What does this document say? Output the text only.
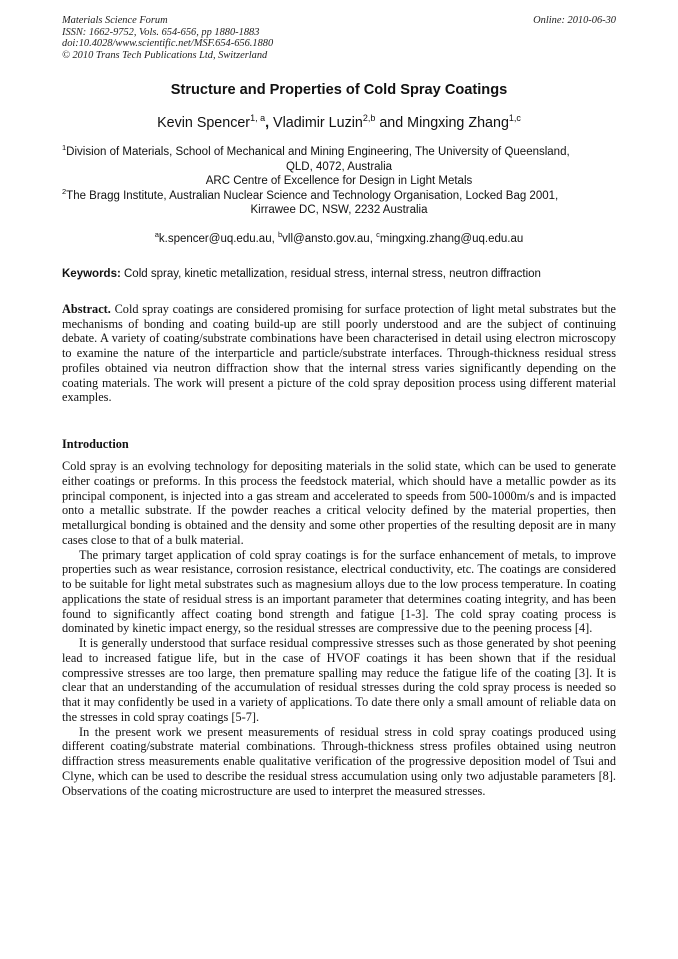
Materials Science Forum
ISSN: 1662-9752, Vols. 654-656, pp 1880-1883
doi:10.4028/www.scientific.net/MSF.654-656.1880
© 2010 Trans Tech Publications Ltd, Switzerland
Online: 2010-06-30
Structure and Properties of Cold Spray Coatings
Kevin Spencer$^{1, a}$, Vladimir Luzin$^{2,b}$ and Mingxing Zhang$^{1,c}$
$^1$Division of Materials, School of Mechanical and Mining Engineering, The University of Queensland,
QLD, 4072, Australia
ARC Centre of Excellence for Design in Light Metals
$^2$The Bragg Institute, Australian Nuclear Science and Technology Organisation, Locked Bag 2001,
Kirrawee DC, NSW, 2232 Australia
$^a$k.spencer@uq.edu.au, $^b$vll@ansto.gov.au, $^c$mingxing.zhang@uq.edu.au
Keywords: Cold spray, kinetic metallization, residual stress, internal stress, neutron diffraction
Abstract. Cold spray coatings are considered promising for surface protection of light metal substrates but the mechanisms of bonding and coating build-up are still poorly understood and are the subject of continuing debate. A variety of coating/substrate combinations have been characterised in detail using electron microscopy to examine the nature of the interparticle and particle/substrate interfaces. Through-thickness residual stress profiles obtained via neutron diffraction show that the internal stress varies significantly depending on the coating materials. The work will present a picture of the cold spray deposition process using different material examples.
Introduction

Cold spray is an evolving technology for depositing materials in the solid state, which can be used to generate either coatings or preforms. In this process the feedstock material, which should have a metallic powder as its principal component, is injected into a gas stream and accelerated to speeds from 500-1000m/s and is impacted onto a metallic substrate. If the powder reaches a critical velocity defined by the material properties, then metallurgical bonding is obtained and the density and some other properties of the resulting deposit are in many cases close to that of a bulk material.

The primary target application of cold spray coatings is for the surface enhancement of metals, to improve properties such as wear resistance, corrosion resistance, electrical conductivity, etc. The coatings are considered to be suitable for light metal substrates such as magnesium alloys due to the low process temperature. In coating applications the state of residual stress is an important parameter that determines coating integrity, and has been found to significantly affect coating bond strength and fatigue [1-3]. The cold spray coating process is dominated by kinetic impact energy, so the residual stresses are compressive due to the peening process [4].

It is generally understood that surface residual compressive stresses such as those generated by shot peening lead to increased fatigue life, but in the case of HVOF coatings it has been shown that if the residual compressive stresses are too large, then premature spalling may reduce the fatigue life of the coating [3]. It is clear that an understanding of the accumulation of residual stresses during the cold spray process is needed so that it may confidently be used in a variety of applications. To date there only a small amount of reliable data on the stresses in cold spray coatings [5-7].

In the present work we present measurements of residual stress in cold spray coatings produced using different coating/substrate material combinations. Through-thickness stress profiles obtained using neutron diffraction stress measurements enable qualitative verification of the progressive deposition model of Tsui and Clyne, which can be used to describe the residual stress accumulation using only two adjustable parameters [8]. Observations of the coating microstructure are used to interpret the measured stresses.
